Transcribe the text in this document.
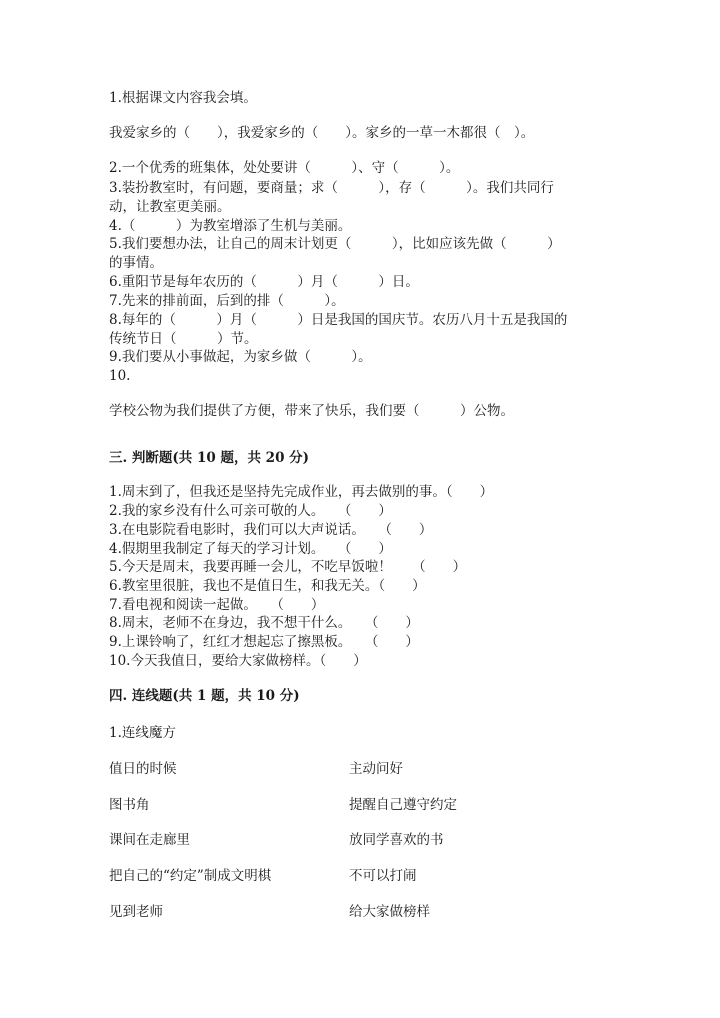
1.根据课文内容我会填。
我爱家乡的（　　），我爱家乡的（　　）。家乡的一草一木都很（　）。
2.一个优秀的班集体，处处要讲（　　　）、守（　　　）。
3.装扮教室时，有问题，要商量；求（　　　），存（　　　）。我们共同行
动，让教室更美丽。
4.（　　　）为教室增添了生机与美丽。
5.我们要想办法，让自己的周末计划更（　　　），比如应该先做（　　　）
的事情。
6.重阳节是每年农历的（　　　）月（　　　）日。
7.先来的排前面，后到的排（　　　）。
8.每年的（　　　）月（　　　）日是我国的国庆节。农历八月十五是我国的
传统节日（　　　）节。
9.我们要从小事做起，为家乡做（　　　）。
10.
学校公物为我们提供了方便，带来了快乐，我们要（　　　）公物。
三. 判断题(共 10 题，共 20 分)
1.周末到了，但我还是坚持先完成作业，再去做别的事。（　　）
2.我的家乡没有什么可亲可敬的人。　　（　　）
3.在电影院看电影时，我们可以大声说话。　　（　　）
4.假期里我制定了每天的学习计划。　　（　　）
5.今天是周末，我要再睡一会儿，不吃早饭啦！　　（　　）
6.教室里很脏，我也不是值日生，和我无关。（　　）
7.看电视和阅读一起做。　　（　　）
8.周末，老师不在身边，我不想干什么。　　（　　）
9.上课铃响了，红红才想起忘了擦黑板。　　（　　）
10.今天我值日，要给大家做榜样。（　　）
四. 连线题(共 1 题，共 10 分)
1.连线魔方
值日的时候	主动问好
图书角	提醒自己遵守约定
课间在走廊里	放同学喜欢的书
把自己的“约定”制成文明棋	不可以打闹
见到老师	给大家做榜样
